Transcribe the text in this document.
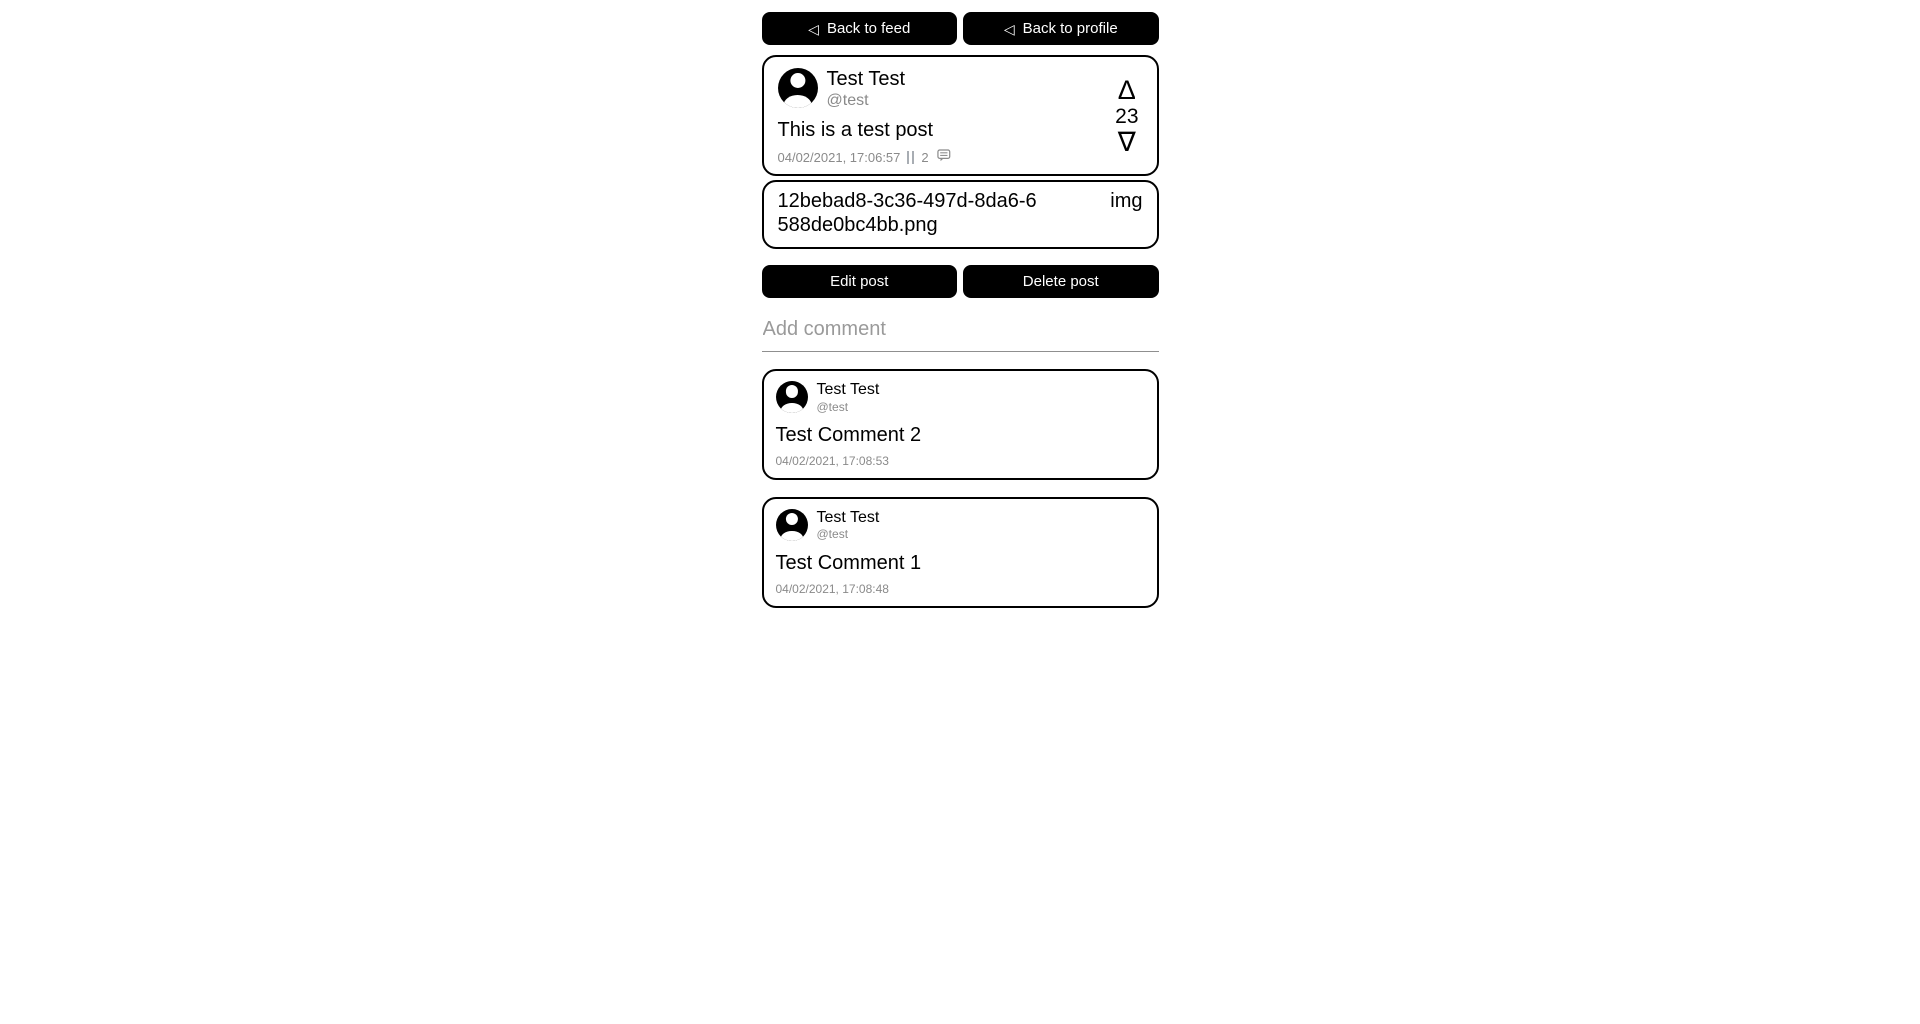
◁ Back to feed	◁ Back to profile
Test Test
@test
This is a test post
04/02/2021, 17:06:57 2
Δ
23
∇
12bebad8-3c36-497d-8da6-6588de0bc4bb.png
img
Edit post	Delete post
Add comment
Test Test
@test
Test Comment 2
04/02/2021, 17:08:53
Test Test
@test
Test Comment 1
04/02/2021, 17:08:48
